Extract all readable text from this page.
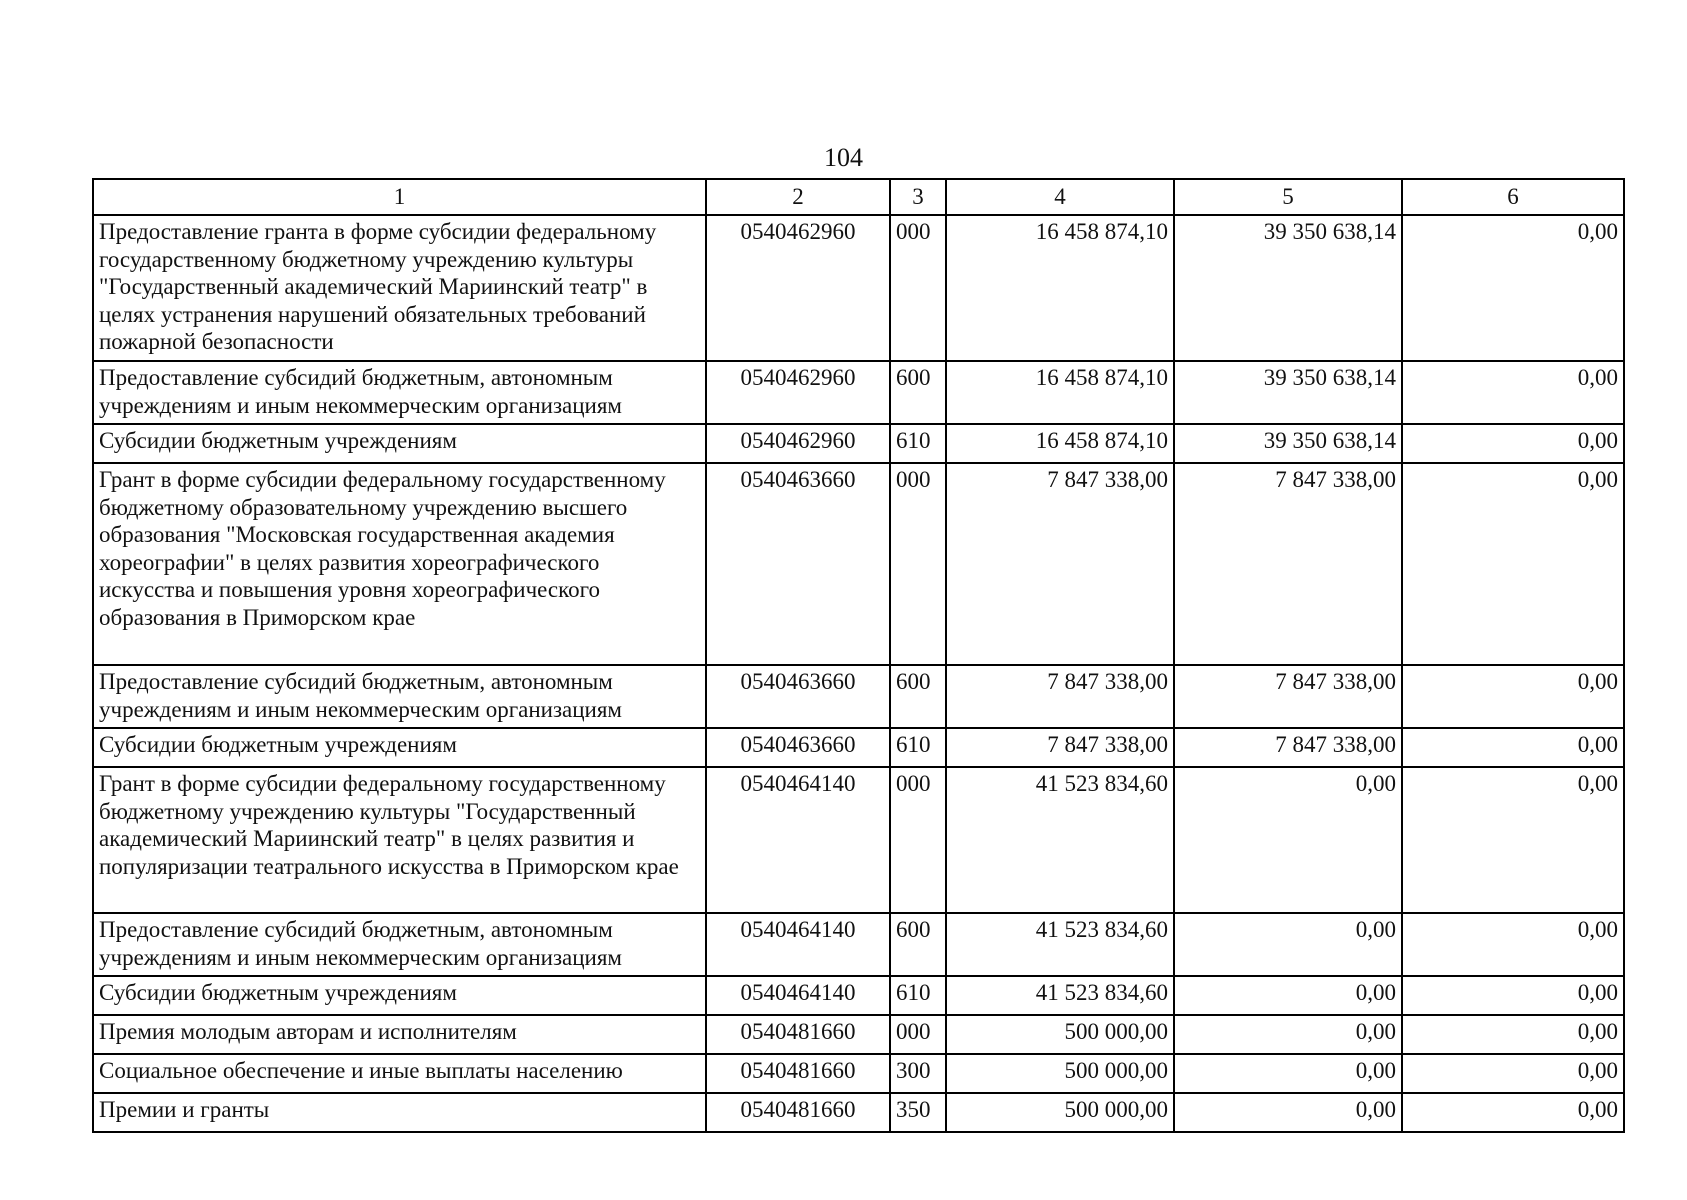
104
1	2	3	4	5	6
Предоставление гранта в форме субсидии федеральному государственному бюджетному учреждению культуры "Государственный академический Мариинский театр" в целях устранения нарушений обязательных требований пожарной безопасности	0540462960	000	16 458 874,10	39 350 638,14	0,00
Предоставление субсидий бюджетным, автономным учреждениям и иным некоммерческим организациям	0540462960	600	16 458 874,10	39 350 638,14	0,00
Субсидии бюджетным учреждениям	0540462960	610	16 458 874,10	39 350 638,14	0,00
Грант в форме субсидии федеральному государственному бюджетному образовательному учреждению высшего образования "Московская государственная академия хореографии" в целях развития хореографического искусства и повышения уровня хореографического образования в Приморском крае	0540463660	000	7 847 338,00	7 847 338,00	0,00
Предоставление субсидий бюджетным, автономным учреждениям и иным некоммерческим организациям	0540463660	600	7 847 338,00	7 847 338,00	0,00
Субсидии бюджетным учреждениям	0540463660	610	7 847 338,00	7 847 338,00	0,00
Грант в форме субсидии федеральному государственному бюджетному учреждению культуры "Государственный академический Мариинский театр" в целях развития и популяризации театрального искусства в Приморском крае	0540464140	000	41 523 834,60	0,00	0,00
Предоставление субсидий бюджетным, автономным учреждениям и иным некоммерческим организациям	0540464140	600	41 523 834,60	0,00	0,00
Субсидии бюджетным учреждениям	0540464140	610	41 523 834,60	0,00	0,00
Премия молодым авторам и исполнителям	0540481660	000	500 000,00	0,00	0,00
Социальное обеспечение и иные выплаты населению	0540481660	300	500 000,00	0,00	0,00
Премии и гранты	0540481660	350	500 000,00	0,00	0,00
